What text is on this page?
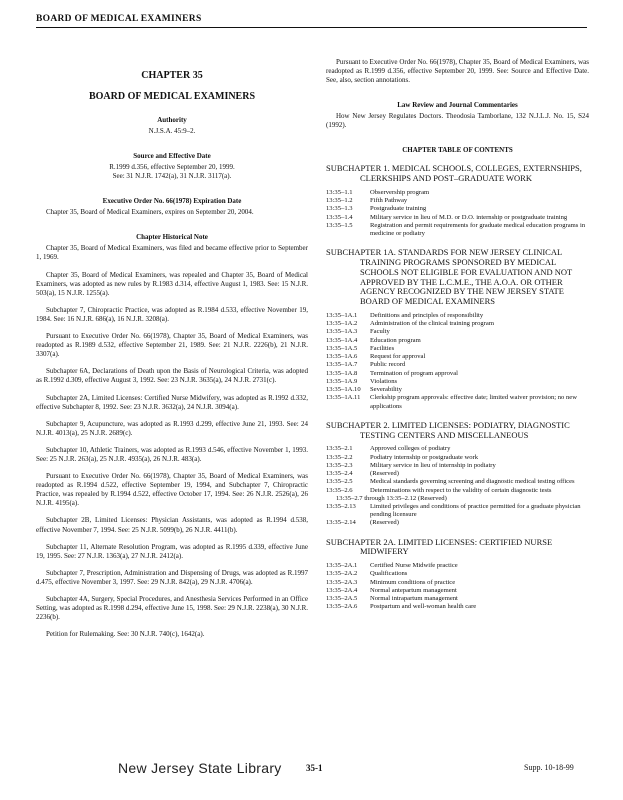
BOARD OF MEDICAL EXAMINERS
CHAPTER 35
BOARD OF MEDICAL EXAMINERS
Authority
N.J.S.A. 45:9–2.
Source and Effective Date
R.1999 d.356, effective September 20, 1999.
See: 31 N.J.R. 1742(a), 31 N.J.R. 3117(a).
Executive Order No. 66(1978) Expiration Date

Chapter 35, Board of Medical Examiners, expires on September 20, 2004.

Chapter Historical Note

Chapter 35, Board of Medical Examiners, was filed and became effective prior to September 1, 1969.

Chapter 35, Board of Medical Examiners, was repealed and Chapter 35, Board of Medical Examiners, was adopted as new rules by R.1983 d.314, effective August 1, 1983. See: 15 N.J.R. 503(a), 15 N.J.R. 1255(a).

Subchapter 7, Chiropractic Practice, was adopted as R.1984 d.533, effective November 19, 1984. See: 16 N.J.R. 686(a), 16 N.J.R. 3208(a).

Pursuant to Executive Order No. 66(1978), Chapter 35, Board of Medical Examiners, was readopted as R.1989 d.532, effective September 21, 1989. See: 21 N.J.R. 2226(b), 21 N.J.R. 3307(a).

Subchapter 6A, Declarations of Death upon the Basis of Neurological Criteria, was adopted as R.1992 d.309, effective August 3, 1992. See: 23 N.J.R. 3635(a), 24 N.J.R. 2731(c).

Subchapter 2A, Limited Licenses: Certified Nurse Midwifery, was adopted as R.1992 d.332, effective Subchapter 8, 1992. See: 23 N.J.R. 3632(a), 24 N.J.R. 3094(a).

Subchapter 9, Acupuncture, was adopted as R.1993 d.299, effective June 21, 1993. See: 24 N.J.R. 4013(a), 25 N.J.R. 2689(c).

Subchapter 10, Athletic Trainers, was adopted as R.1993 d.546, effective November 1, 1993. See: 25 N.J.R. 263(a), 25 N.J.R. 4935(a), 26 N.J.R. 483(a).

Pursuant to Executive Order No. 66(1978), Chapter 35, Board of Medical Examiners, was readopted as R.1994 d.522, effective September 19, 1994, and Subchapter 7, Chiropractic Practice, was repealed by R.1994 d.522, effective October 17, 1994. See: 26 N.J.R. 2526(a), 26 N.J.R. 4195(a).

Subchapter 2B, Limited Licenses: Physician Assistants, was adopted as R.1994 d.538, effective November 7, 1994. See: 25 N.J.R. 5099(b), 26 N.J.R. 4411(b).

Subchapter 11, Alternate Resolution Program, was adopted as R.1995 d.339, effective June 19, 1995. See: 27 N.J.R. 1363(a), 27 N.J.R. 2412(a).

Subchapter 7, Prescription, Administration and Dispensing of Drugs, was adopted as R.1997 d.475, effective November 3, 1997. See: 29 N.J.R. 842(a), 29 N.J.R. 4706(a).

Subchapter 4A, Surgery, Special Procedures, and Anesthesia Services Performed in an Office Setting, was adopted as R.1998 d.294, effective June 15, 1998. See: 29 N.J.R. 2238(a), 30 N.J.R. 2236(b).

Petition for Rulemaking. See: 30 N.J.R. 740(c), 1642(a).

Pursuant to Executive Order No. 66(1978), Chapter 35, Board of Medical Examiners, was readopted as R.1999 d.356, effective September 20, 1999. See: Source and Effective Date. See, also, section annotations.

Law Review and Journal Commentaries

How New Jersey Regulates Doctors. Theodosia Tamborlane, 132 N.J.L.J. No. 15, S24 (1992).

CHAPTER TABLE OF CONTENTS
SUBCHAPTER 1. MEDICAL SCHOOLS, COLLEGES, EXTERNSHIPS, CLERKSHIPS AND POST–GRADUATE WORK
13:35–1.1	Observership program
13:35–1.2	Fifth Pathway
13:35–1.3	Postgraduate training
13:35–1.4	Military service in lieu of M.D. or D.O. internship or postgraduate training
13:35–1.5	Registration and permit requirements for graduate medical education programs in medicine or podiatry
SUBCHAPTER 1A. STANDARDS FOR NEW JERSEY CLINICAL TRAINING PROGRAMS SPONSORED BY MEDICAL SCHOOLS NOT ELIGIBLE FOR EVALUATION AND NOT APPROVED BY THE L.C.M.E., THE A.O.A. OR OTHER AGENCY RECOGNIZED BY THE NEW JERSEY STATE BOARD OF MEDICAL EXAMINERS
13:35–1A.1	Definitions and principles of responsibility
13:35–1A.2	Administration of the clinical training program
13:35–1A.3	Faculty
13:35–1A.4	Education program
13:35–1A.5	Facilities
13:35–1A.6	Request for approval
13:35–1A.7	Public record
13:35–1A.8	Termination of program approval
13:35–1A.9	Violations
13:35–1A.10	Severability
13:35–1A.11	Clerkship program approvals: effective date; limited waiver provision; no new applications
SUBCHAPTER 2. LIMITED LICENSES: PODIATRY, DIAGNOSTIC TESTING CENTERS AND MISCELLANEOUS
13:35–2.1	Approved colleges of podiatry
13:35–2.2	Podiatry internship or postgraduate work
13:35–2.3	Military service in lieu of internship in podiatry
13:35–2.4	(Reserved)
13:35–2.5	Medical standards governing screening and diagnostic medical testing offices
13:35–2.6	Determinations with respect to the validity of certain diagnostic tests
13:35–2.7 through 13:35–2.12 (Reserved)
13:35–2.13	Limited privileges and conditions of practice permitted for a graduate physician pending licensure
13:35–2.14	(Reserved)
SUBCHAPTER 2A. LIMITED LICENSES: CERTIFIED NURSE MIDWIFERY
13:35–2A.1	Certified Nurse Midwife practice
13:35–2A.2	Qualifications
13:35–2A.3	Minimum conditions of practice
13:35–2A.4	Normal antepartum management
13:35–2A.5	Normal intrapartum management
13:35–2A.6	Postpartum and well-woman health care
New Jersey State Library	35-1	Supp. 10-18-99
